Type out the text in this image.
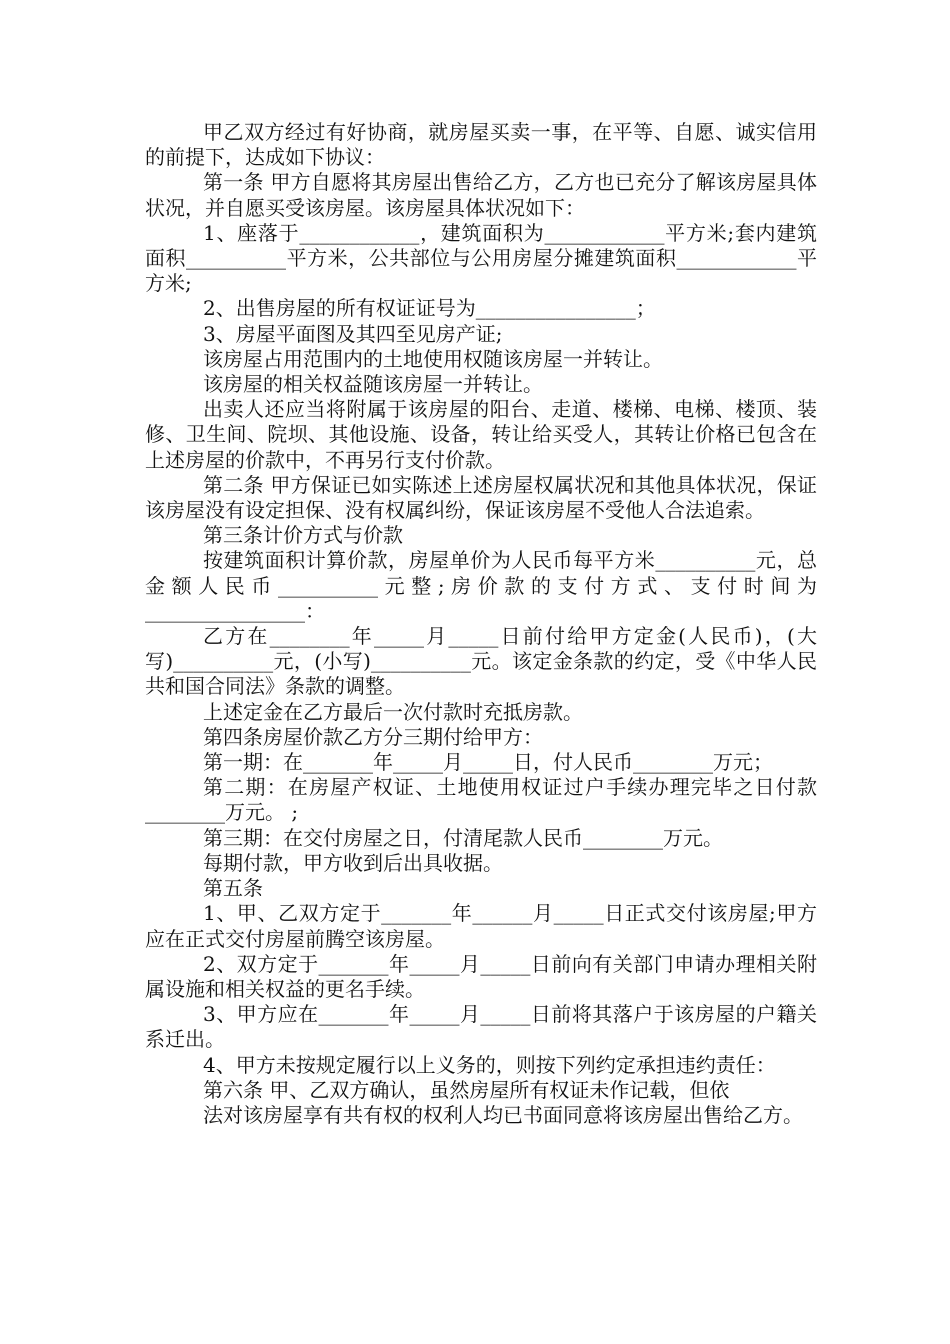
甲乙双方经过有好协商，就房屋买卖一事，在平等、自愿、诚实信用的前提下，达成如下协议：

第一条 甲方自愿将其房屋出售给乙方，乙方也已充分了解该房屋具体状况，并自愿买受该房屋。该房屋具体状况如下：

1、座落于____________，建筑面积为____________平方米;套内建筑面积__________平方米，公共部位与公用房屋分摊建筑面积____________平方米;

2、出售房屋的所有权证证号为________________；

3、房屋平面图及其四至见房产证;

该房屋占用范围内的土地使用权随该房屋一并转让。

该房屋的相关权益随该房屋一并转让。

出卖人还应当将附属于该房屋的阳台、走道、楼梯、电梯、楼顶、装修、卫生间、院坝、其他设施、设备，转让给买受人，其转让价格已包含在上述房屋的价款中，不再另行支付价款。

第二条 甲方保证已如实陈述上述房屋权属状况和其他具体状况，保证该房屋没有设定担保、没有权属纠纷，保证该房屋不受他人合法追索。

第三条计价方式与价款

按建筑面积计算价款，房屋单价为人民币每平方米__________元，总金额人民币__________元整;房价款的支付方式、支付时间为________________：

乙方在________年_____月_____日前付给甲方定金(人民币)，(大写)__________元，(小写)__________元。该定金条款的约定，受《中华人民共和国合同法》条款的调整。

上述定金在乙方最后一次付款时充抵房款。

第四条房屋价款乙方分三期付给甲方：

第一期：在_______年_____月_____日，付人民币________万元；

第二期：在房屋产权证、土地使用权证过户手续办理完毕之日付款________万元。 ;

第三期：在交付房屋之日，付清尾款人民币________万元。

每期付款，甲方收到后出具收据。

第五条

1、甲、乙双方定于_______年______月_____日正式交付该房屋;甲方应在正式交付房屋前腾空该房屋。

2、双方定于_______年_____月_____日前向有关部门申请办理相关附属设施和相关权益的更名手续。

3、甲方应在_______年_____月_____日前将其落户于该房屋的户籍关系迁出。

4、甲方未按规定履行以上义务的，则按下列约定承担违约责任：

第六条 甲、乙双方确认，虽然房屋所有权证未作记载，但依

法对该房屋享有共有权的权利人均已书面同意将该房屋出售给乙方。
